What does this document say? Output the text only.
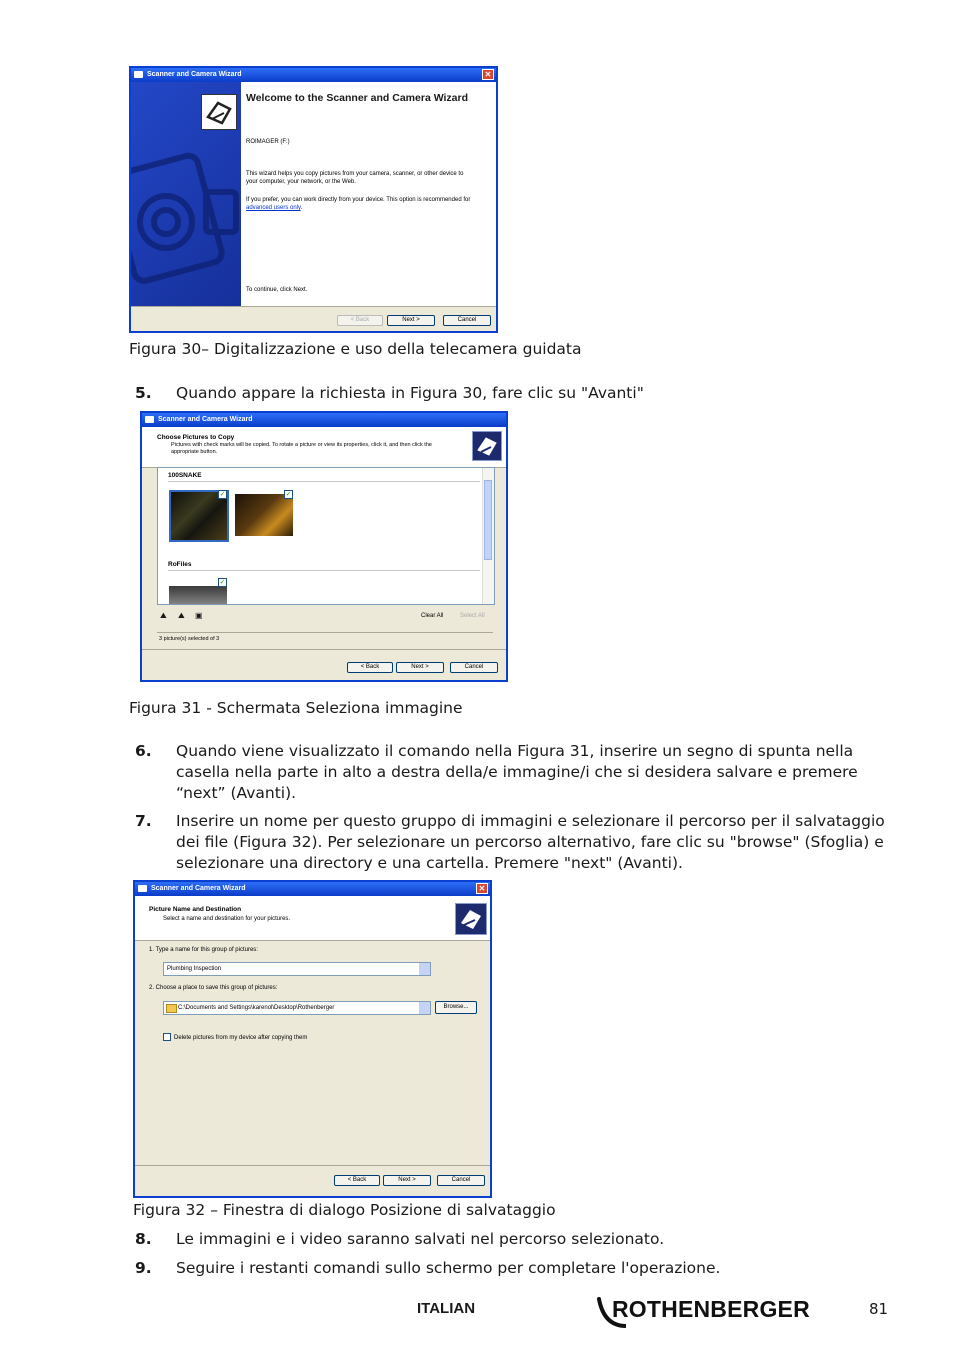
Scanner and Camera Wizard	✕
Welcome to the Scanner and Camera Wizard
ROIMAGER (F:)
This wizard helps you copy pictures from your camera, scanner, or other device to your computer, your network, or the Web.
If you prefer, you can work directly from your device. This option is recommended for advanced users only.
To continue, click Next.
< Back	Next >	Cancel
Figura 30– Digitalizzazione e uso della telecamera guidata
5. Quando appare la richiesta in Figura 30, fare clic su "Avanti"
Scanner and Camera Wizard
Choose Pictures to Copy
Pictures with check marks will be copied. To rotate a picture or view its properties, click it, and then click the appropriate button.
100SNAKE
✓	✓
RoFiles
✓
⛰ ⛰ ▣	Clear All	Select All
3 picture(s) selected of 3
< Back	Next >	Cancel
Figura 31 - Schermata Seleziona immagine
6. Quando viene visualizzato il comando nella Figura 31, inserire un segno di spunta nella casella nella parte in alto a destra della/e immagine/i che si desidera salvare e premere “next” (Avanti).
7. Inserire un nome per questo gruppo di immagini e selezionare il percorso per il salvataggio dei file (Figura 32). Per selezionare un percorso alternativo, fare clic su "browse" (Sfoglia) e selezionare una directory e una cartella. Premere "next" (Avanti).
Scanner and Camera Wizard	✕
Picture Name and Destination
Select a name and destination for your pictures.
1. Type a name for this group of pictures:
Plumbing Inspection
2. Choose a place to save this group of pictures:
C:\Documents and Settings\karenol\Desktop\Rothenberger	Browse...
Delete pictures from my device after copying them
< Back	Next >	Cancel
Figura 32 – Finestra di dialogo Posizione di salvataggio
8. Le immagini e i video saranno salvati nel percorso selezionato.
9. Seguire i restanti comandi sullo schermo per completare l'operazione.
ITALIAN	ROTHENBERGER	81
